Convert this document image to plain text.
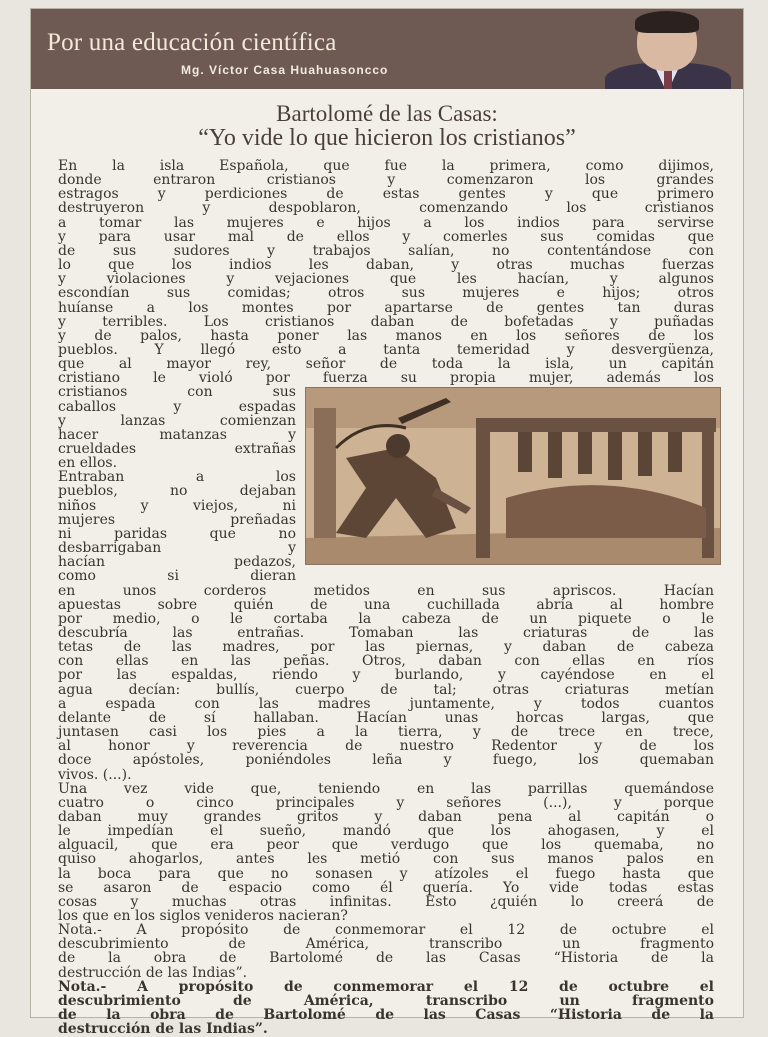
Por una educación científica
Mg. Víctor Casa Huahuasoncco
Bartolomé de las Casas:
“Yo vide lo que hicieron los cristianos”
En la isla Española, que fue la primera, como dijimos,
donde entraron cristianos y comenzaron los grandes
estragos y perdiciones de estas gentes y que primero
destruyeron y despoblaron, comenzando los cristianos
a tomar las mujeres e hijos a los indios para servirse
y para usar mal de ellos y comerles sus comidas que
de sus sudores y trabajos salían, no contentándose con
lo que los indios les daban, y otras muchas fuerzas
y violaciones y vejaciones que les hacían, y algunos
escondían sus comidas; otros sus mujeres e hijos; otros
huíanse a los montes por apartarse de gentes tan duras
y terribles. Los cristianos daban de bofetadas y puñadas
y de palos, hasta poner las manos en los señores de los
pueblos. Y llegó esto a tanta temeridad y desvergüenza,
que al mayor rey, señor de toda la isla, un capitán
cristiano le violó por fuerza su propia mujer, además los
cristianos con sus
caballos y espadas
y lanzas comienzan
hacer matanzas y
crueldades extrañas
en ellos.
Entraban a los
pueblos, no dejaban
niños y viejos, ni
mujeres preñadas
ni paridas que no
desbarrigaban y
hacían pedazos,
como si dieran
en unos corderos metidos en sus apriscos. Hacían
apuestas sobre quién de una cuchillada abría al hombre
por medio, o le cortaba la cabeza de un piquete o le
descubría las entrañas. Tomaban las criaturas de las
tetas de las madres, por las piernas, y daban de cabeza
con ellas en las peñas. Otros, daban con ellas en ríos
por las espaldas, riendo y burlando, y cayéndose en el
agua decían: bullís, cuerpo de tal; otras criaturas metían
a espada con las madres juntamente, y todos cuantos
delante de sí hallaban. Hacían unas horcas largas, que
juntasen casi los pies a la tierra, y de trece en trece,
al honor y reverencia de nuestro Redentor y de los
doce apóstoles, poniéndoles leña y fuego, los quemaban
vivos. (...).
Una vez vide que, teniendo en las parrillas quemándose
cuatro o cinco principales y señores (...), y porque
daban muy grandes gritos y daban pena al capitán o
le impedían el sueño, mandó que los ahogasen, y el
alguacil, que era peor que verdugo que los quemaba, no
quiso ahogarlos, antes les metió con sus manos palos en
la boca para que no sonasen y atízoles el fuego hasta que
se asaron de espacio como él quería. Yo vide todas estas
cosas y muchas otras infinitas. Esto ¿quién lo creerá de
los que en los siglos venideros nacieran?
Nota.- A propósito de conmemorar el 12 de octubre el
descubrimiento de América, transcribo un fragmento
de la obra de Bartolomé de las Casas “Historia de la
destrucción de las Indias”.
Nota.- A propósito de conmemorar el 12 de octubre el
descubrimiento de América, transcribo un fragmento
de la obra de Bartolomé de las Casas “Historia de la
destrucción de las Indias”.
